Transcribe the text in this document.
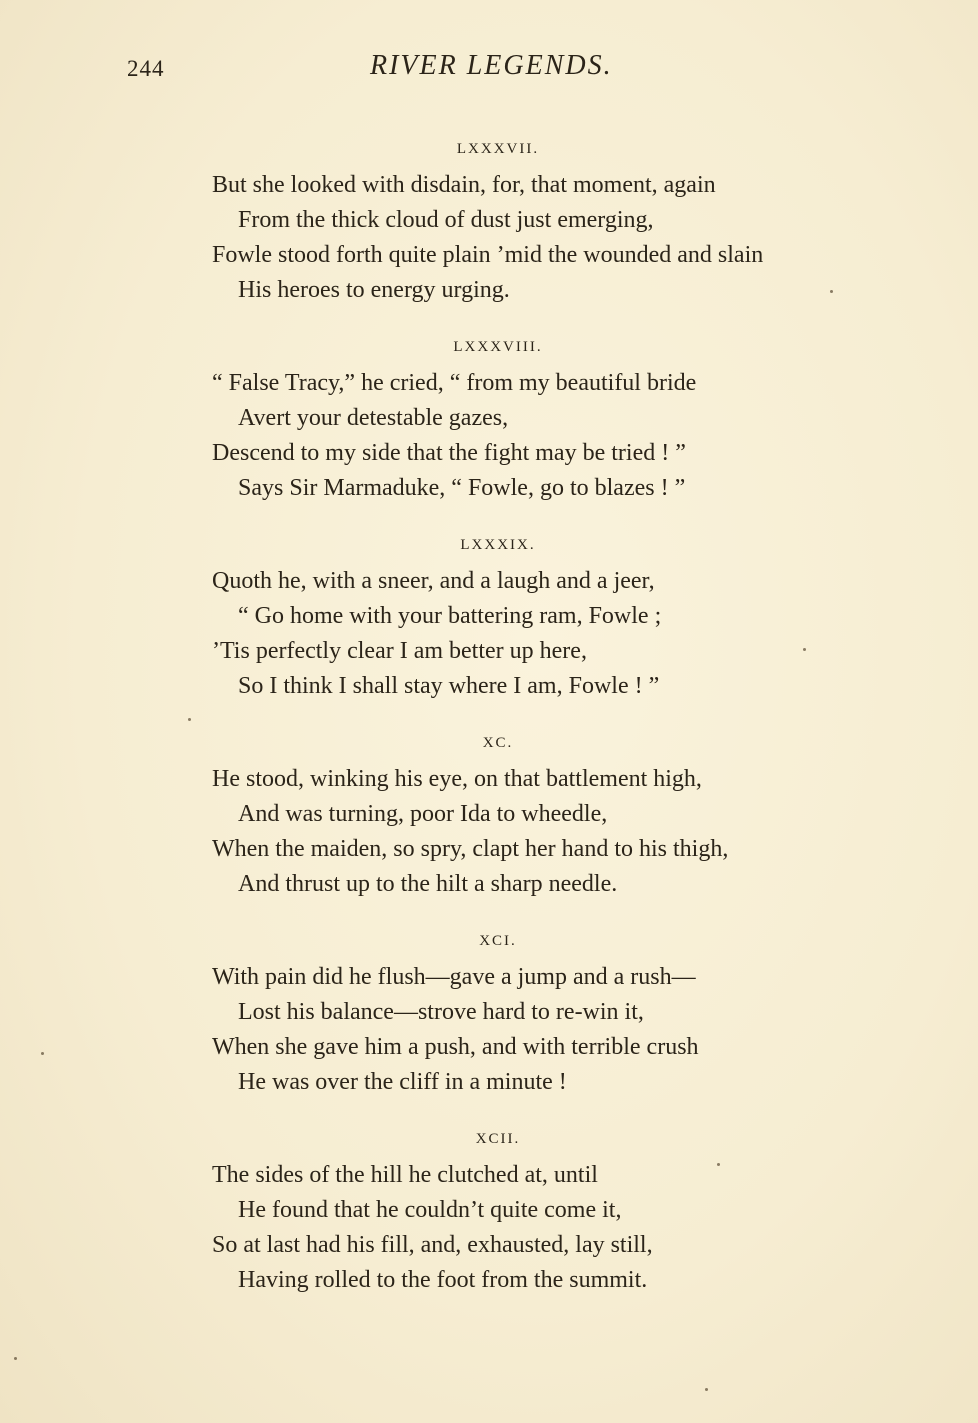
244	RIVER LEGENDS.
LXXXVII.
But she looked with disdain, for, that moment, again
From the thick cloud of dust just emerging,
Fowle stood forth quite plain ’mid the wounded and slain
His heroes to energy urging.
LXXXVIII.
“ False Tracy,” he cried, “ from my beautiful bride
Avert your detestable gazes,
Descend to my side that the fight may be tried ! ”
Says Sir Marmaduke, “ Fowle, go to blazes ! ”
LXXXIX.
Quoth he, with a sneer, and a laugh and a jeer,
“ Go home with your battering ram, Fowle ;
’Tis perfectly clear I am better up here,
So I think I shall stay where I am, Fowle ! ”
XC.
He stood, winking his eye, on that battlement high,
And was turning, poor Ida to wheedle,
When the maiden, so spry, clapt her hand to his thigh,
And thrust up to the hilt a sharp needle.
XCI.
With pain did he flush—gave a jump and a rush—
Lost his balance—strove hard to re-win it,
When she gave him a push, and with terrible crush
He was over the cliff in a minute !
XCII.
The sides of the hill he clutched at, until
He found that he couldn’t quite come it,
So at last had his fill, and, exhausted, lay still,
Having rolled to the foot from the summit.
